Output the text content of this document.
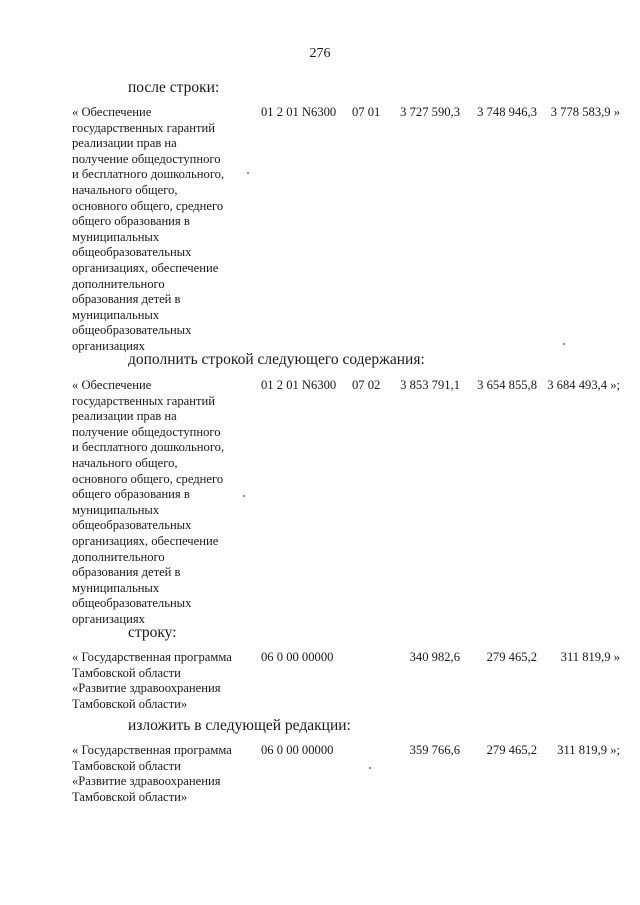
276
после строки:
« Обеспечение
государственных гарантий
реализации прав на
получение общедоступного
и бесплатного дошкольного,
начального общего,
основного общего, среднего
общего образования в
муниципальных
общеобразовательных
организациях, обеспечение
дополнительного
образования детей в
муниципальных
общеобразовательных
организациях
01 2 01 N6300 07 01 3 727 590,3 3 748 946,3 3 778 583,9 »
дополнить строкой следующего содержания:
« Обеспечение
государственных гарантий
реализации прав на
получение общедоступного
и бесплатного дошкольного,
начального общего,
основного общего, среднего
общего образования в
муниципальных
общеобразовательных
организациях, обеспечение
дополнительного
образования детей в
муниципальных
общеобразовательных
организациях
01 2 01 N6300 07 02 3 853 791,1 3 654 855,8 3 684 493,4 »;
строку:
« Государственная программа
Тамбовской области
«Развитие здравоохранения
Тамбовской области»
06 0 00 00000	340 982,6 279 465,2 311 819,9 »
изложить в следующей редакции:
« Государственная программа
Тамбовской области
«Развитие здравоохранения
Тамбовской области»
06 0 00 00000	359 766,6 279 465,2 311 819,9 »;
